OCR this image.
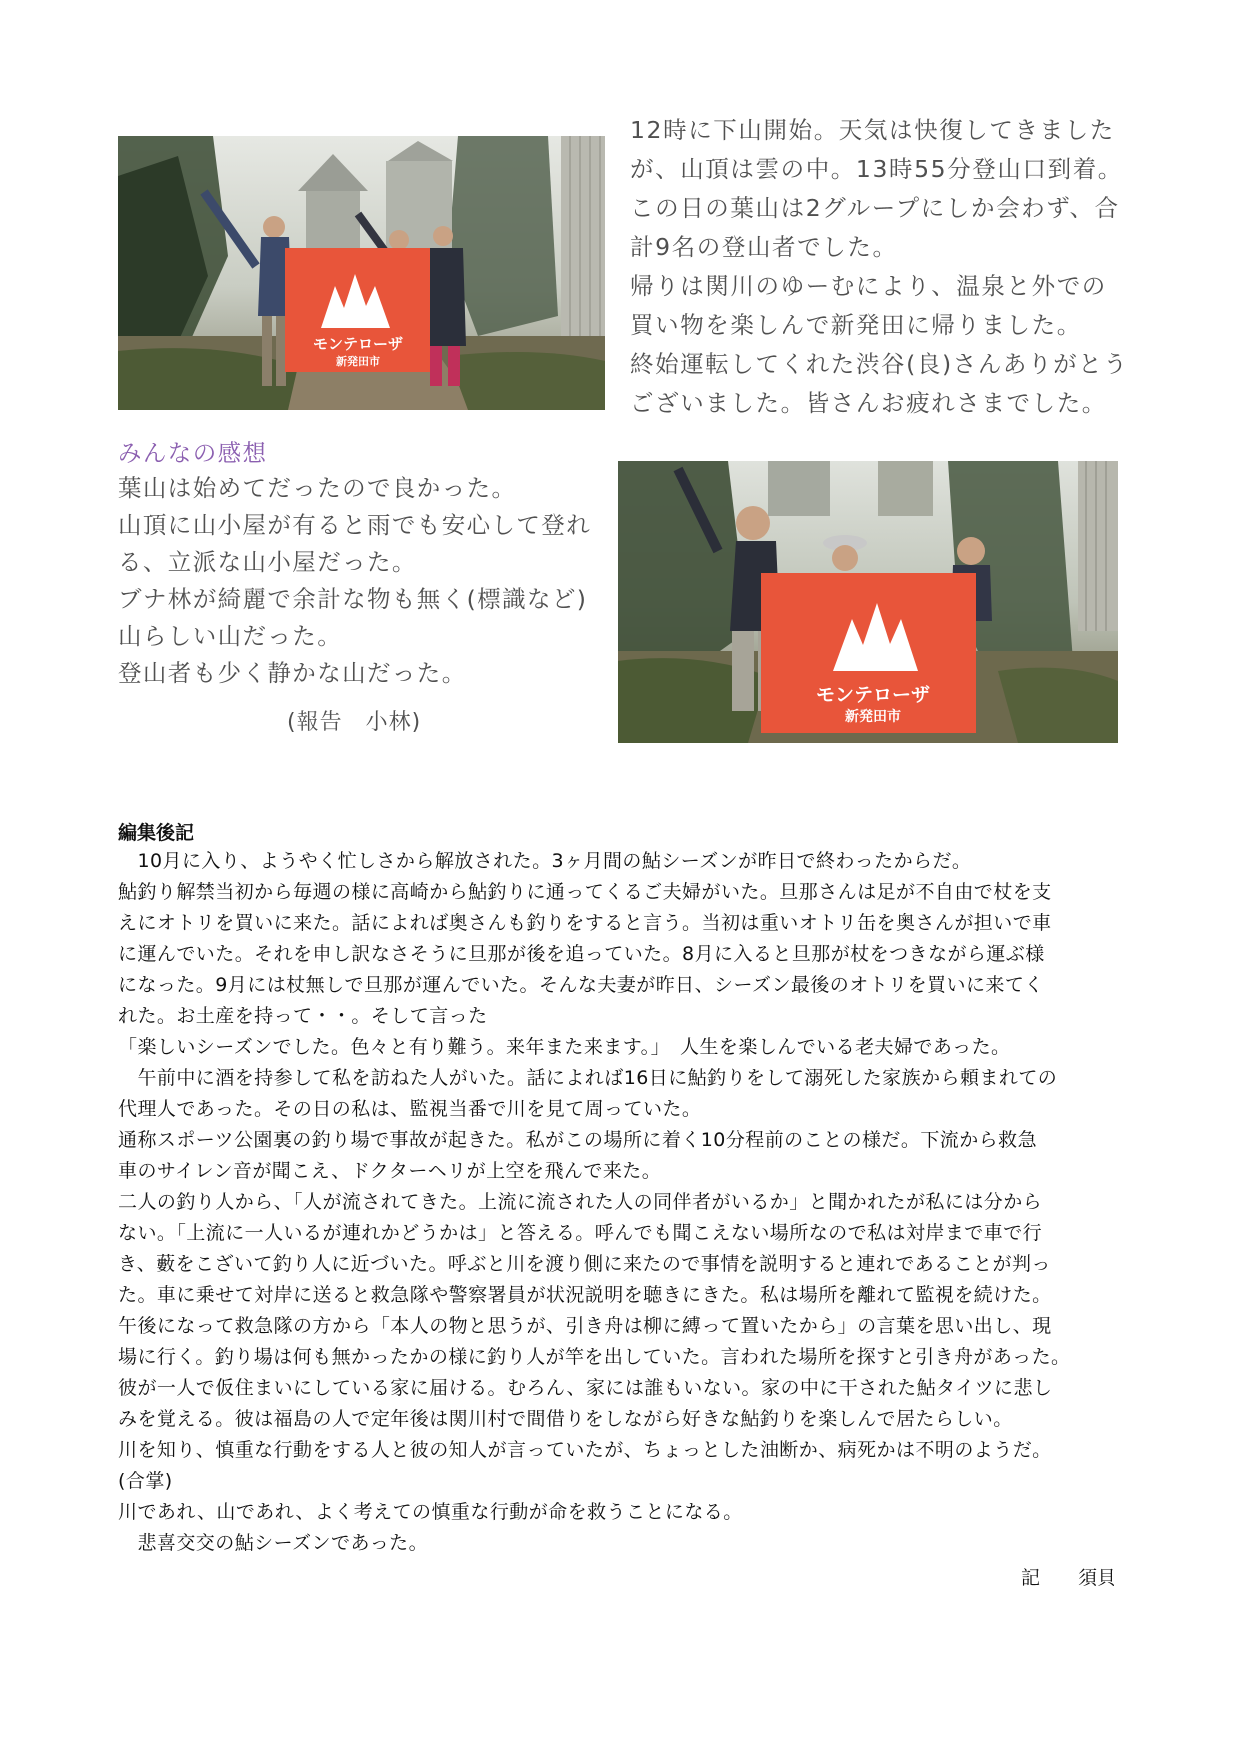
モンテローザ
新発田市
12時に下山開始。天気は快復してきました
が、山頂は雲の中。13時55分登山口到着。
この日の葉山は2グループにしか会わず、合
計9名の登山者でした。
帰りは関川のゆーむにより、温泉と外での
買い物を楽しんで新発田に帰りました。
終始運転してくれた渋谷(良)さんありがとう
ございました。皆さんお疲れさまでした。
みんなの感想
葉山は始めてだったので良かった。
山頂に山小屋が有ると雨でも安心して登れ
る、立派な山小屋だった。
ブナ林が綺麗で余計な物も無く(標識など)
山らしい山だった。
登山者も少く静かな山だった。
(報告　小林)
モンテローザ
新発田市
編集後記
　10月に入り、ようやく忙しさから解放された。3ヶ月間の鮎シーズンが昨日で終わったからだ。
鮎釣り解禁当初から毎週の様に高崎から鮎釣りに通ってくるご夫婦がいた。旦那さんは足が不自由で杖を支
えにオトリを買いに来た。話によれば奥さんも釣りをすると言う。当初は重いオトリ缶を奥さんが担いで車
に運んでいた。それを申し訳なさそうに旦那が後を追っていた。8月に入ると旦那が杖をつきながら運ぶ様
になった。9月には杖無しで旦那が運んでいた。そんな夫妻が昨日、シーズン最後のオトリを買いに来てく
れた。お土産を持って・・。そして言った
「楽しいシーズンでした。色々と有り難う。来年また来ます。」　人生を楽しんでいる老夫婦であった。
　午前中に酒を持参して私を訪ねた人がいた。話によれば16日に鮎釣りをして溺死した家族から頼まれての
代理人であった。その日の私は、監視当番で川を見て周っていた。
通称スポーツ公園裏の釣り場で事故が起きた。私がこの場所に着く10分程前のことの様だ。下流から救急
車のサイレン音が聞こえ、ドクターヘリが上空を飛んで来た。
二人の釣り人から、「人が流されてきた。上流に流された人の同伴者がいるか」と聞かれたが私には分から
ない。「上流に一人いるが連れかどうかは」と答える。呼んでも聞こえない場所なので私は対岸まで車で行
き、藪をこざいて釣り人に近づいた。呼ぶと川を渡り側に来たので事情を説明すると連れであることが判っ
た。車に乗せて対岸に送ると救急隊や警察署員が状況説明を聴きにきた。私は場所を離れて監視を続けた。
午後になって救急隊の方から「本人の物と思うが、引き舟は柳に縛って置いたから」の言葉を思い出し、現
場に行く。釣り場は何も無かったかの様に釣り人が竿を出していた。言われた場所を探すと引き舟があった。
彼が一人で仮住まいにしている家に届ける。むろん、家には誰もいない。家の中に干された鮎タイツに悲し
みを覚える。彼は福島の人で定年後は関川村で間借りをしながら好きな鮎釣りを楽しんで居たらしい。
川を知り、慎重な行動をする人と彼の知人が言っていたが、ちょっとした油断か、病死かは不明のようだ。
(合掌)
川であれ、山であれ、よく考えての慎重な行動が命を救うことになる。
　悲喜交交の鮎シーズンであった。
記　　須貝
